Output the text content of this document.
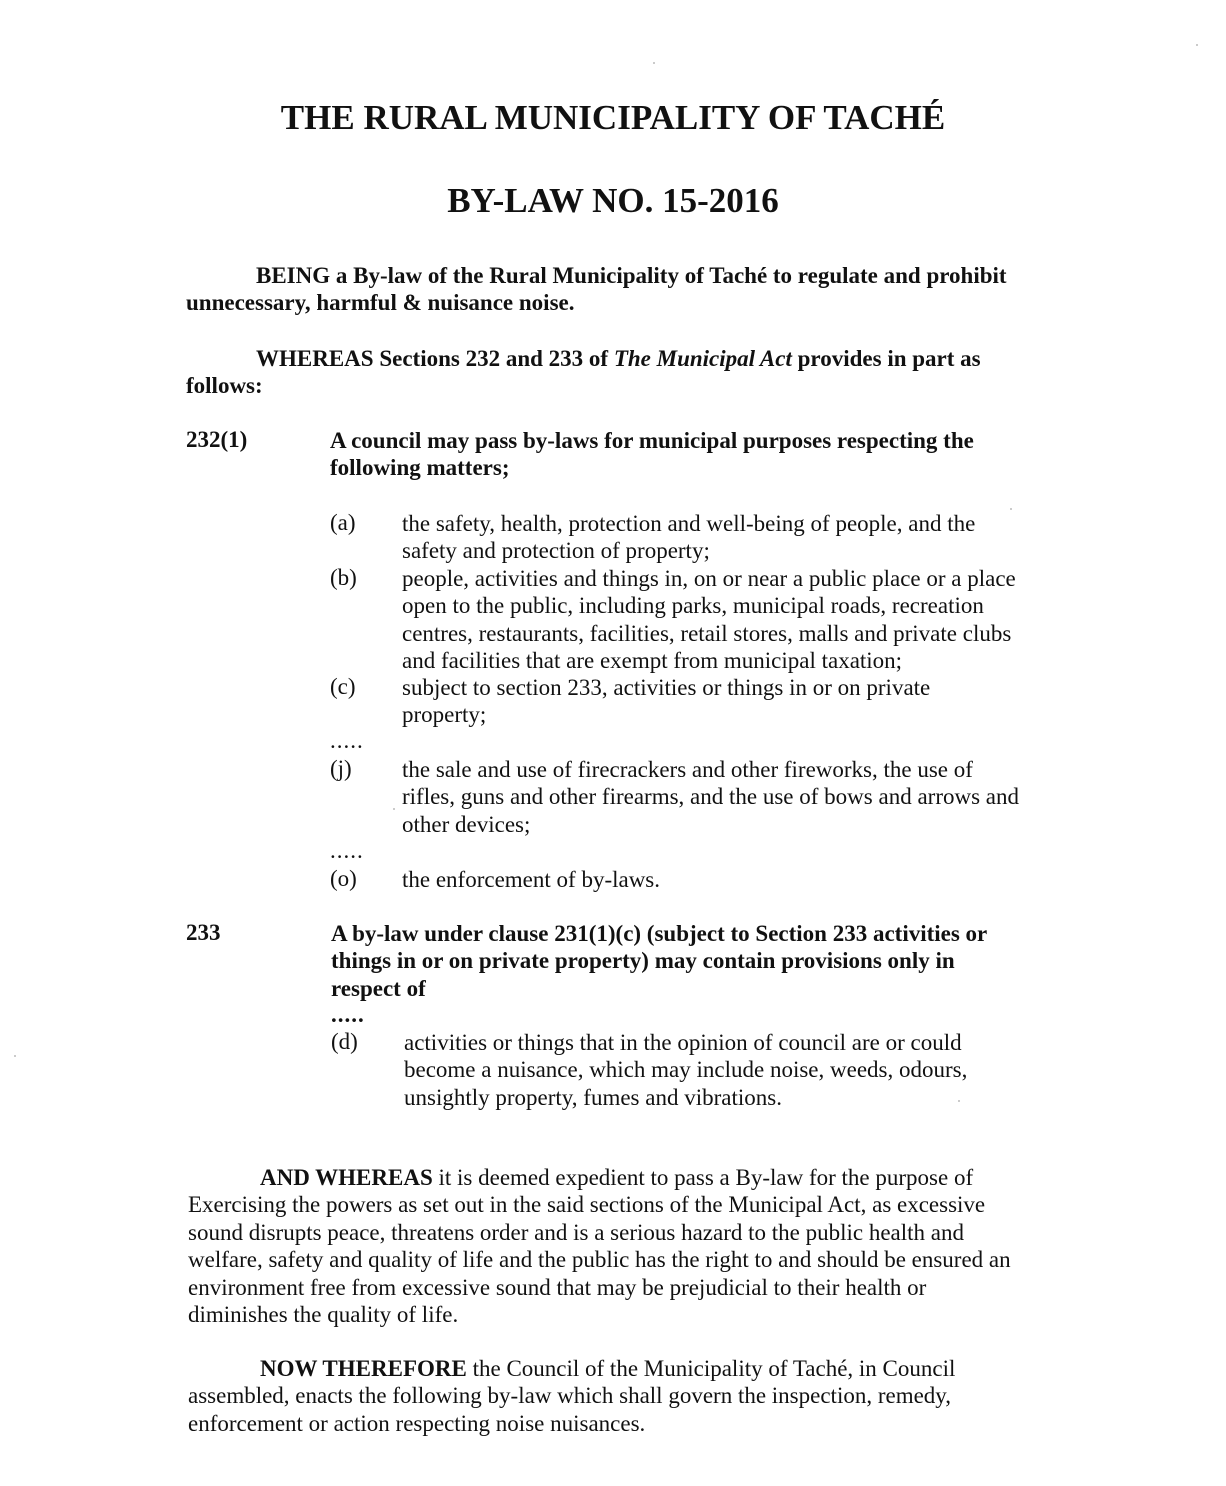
THE RURAL MUNICIPALITY OF TACHÉ
BY-LAW NO. 15-2016
BEING a By-law of the Rural Municipality of Taché to regulate and prohibit
unnecessary, harmful & nuisance noise.
WHEREAS Sections 232 and 233 of The Municipal Act provides in part as
follows:
232(1)	A council may pass by-laws for municipal purposes respecting the
following matters;
(a) the safety, health, protection and well-being of people, and the
safety and protection of property;
(b) people, activities and things in, on or near a public place or a place
open to the public, including parks, municipal roads, recreation
centres, restaurants, facilities, retail stores, malls and private clubs
and facilities that are exempt from municipal taxation;
(c) subject to section 233, activities or things in or on private
property;
.....
(j) the sale and use of firecrackers and other fireworks, the use of
rifles, guns and other firearms, and the use of bows and arrows and
other devices;
.....
(o) the enforcement of by-laws.
233	A by-law under clause 231(1)(c) (subject to Section 233 activities or
things in or on private property) may contain provisions only in
respect of
.....
(d) activities or things that in the opinion of council are or could
become a nuisance, which may include noise, weeds, odours,
unsightly property, fumes and vibrations.
AND WHEREAS it is deemed expedient to pass a By-law for the purpose of
Exercising the powers as set out in the said sections of the Municipal Act, as excessive
sound disrupts peace, threatens order and is a serious hazard to the public health and
welfare, safety and quality of life and the public has the right to and should be ensured an
environment free from excessive sound that may be prejudicial to their health or
diminishes the quality of life.
NOW THEREFORE the Council of the Municipality of Taché, in Council
assembled, enacts the following by-law which shall govern the inspection, remedy,
enforcement or action respecting noise nuisances.
